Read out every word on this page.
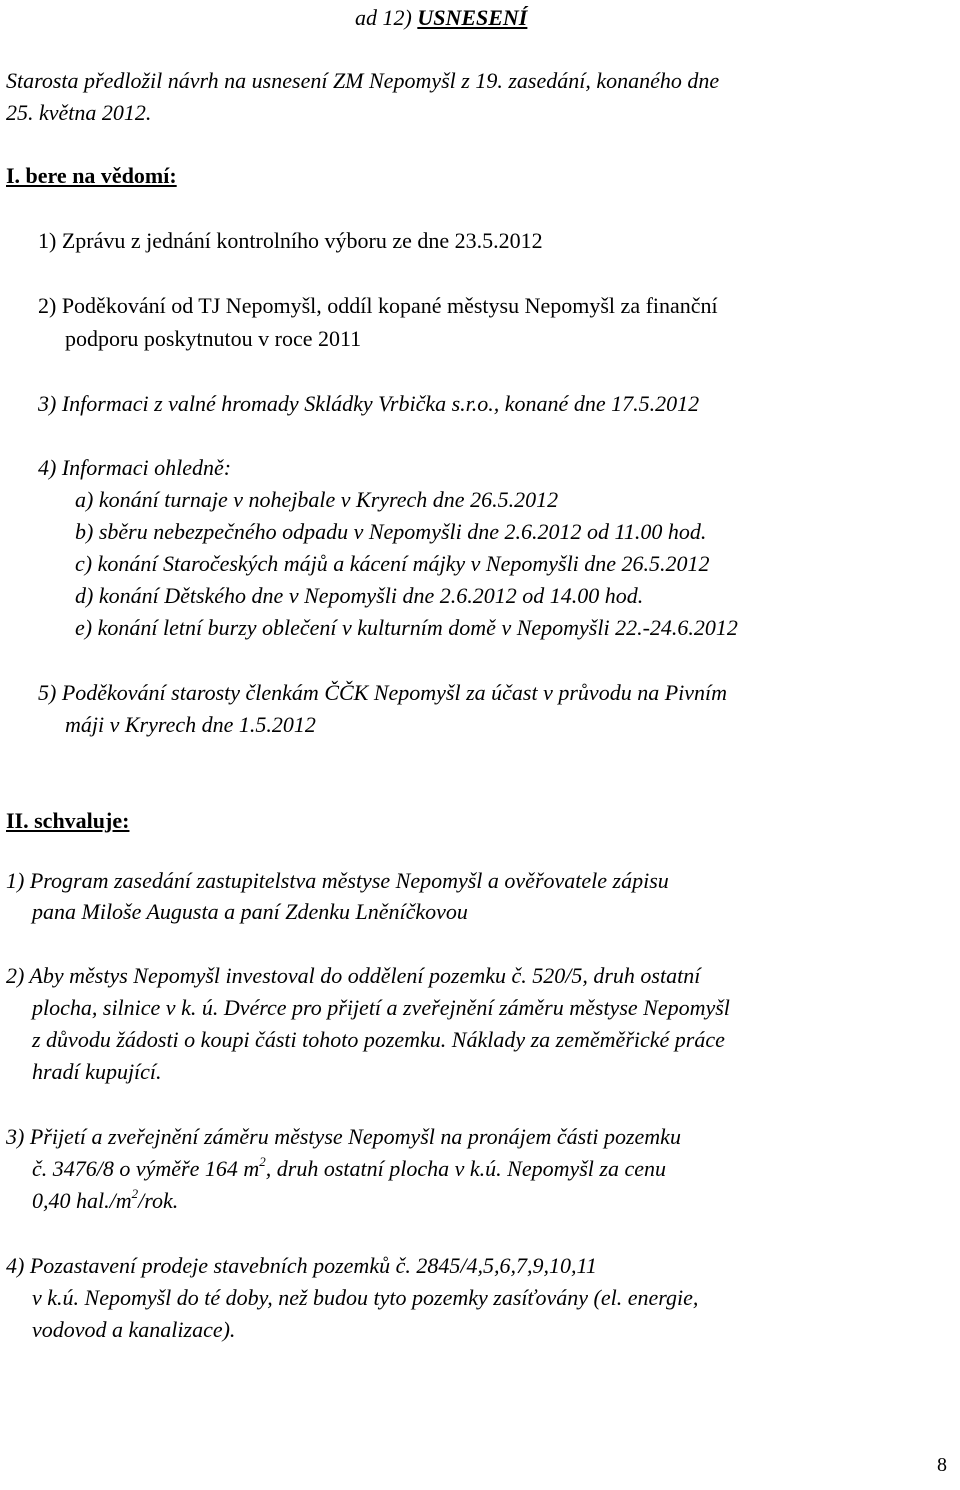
ad 12) USNESENÍ
Starosta předložil návrh na usnesení ZM Nepomyšl z 19. zasedání, konaného dne
25. května 2012.
I. bere na vědomí:
1) Zprávu z jednání kontrolního výboru ze dne 23.5.2012
2) Poděkování od TJ Nepomyšl, oddíl kopané městysu Nepomyšl za finanční
podporu poskytnutou v roce 2011
3) Informaci z valné hromady Skládky Vrbička s.r.o., konané dne 17.5.2012
4) Informaci ohledně:
a) konání turnaje v nohejbale v Kryrech dne 26.5.2012
b) sběru nebezpečného odpadu v Nepomyšli dne 2.6.2012 od 11.00 hod.
c) konání Staročeských májů a kácení májky v Nepomyšli dne 26.5.2012
d) konání Dětského dne v Nepomyšli dne 2.6.2012 od 14.00 hod.
e) konání letní burzy oblečení v kulturním domě v Nepomyšli 22.-24.6.2012
5) Poděkování starosty členkám ČČK Nepomyšl za účast v průvodu na Pivním
máji v Kryrech dne 1.5.2012
II. schvaluje:
1) Program zasedání zastupitelstva městyse Nepomyšl a ověřovatele zápisu
pana Miloše Augusta a paní Zdenku Lněníčkovou
2) Aby městys Nepomyšl investoval do oddělení pozemku č. 520/5, druh ostatní
plocha, silnice v k. ú. Dvérce pro přijetí a zveřejnění záměru městyse Nepomyšl
z důvodu žádosti o koupi části tohoto pozemku. Náklady za zeměměřické práce
hradí kupující.
3) Přijetí a zveřejnění záměru městyse Nepomyšl na pronájem části pozemku
č. 3476/8 o výměře 164 $m^2$, druh ostatní plocha v k.ú. Nepomyšl za cenu
0,40 $hal./m^2$/rok.
4) Pozastavení prodeje stavebních pozemků č. 2845/4,5,6,7,9,10,11
v k.ú. Nepomyšl do té doby, než budou tyto pozemky zasíťovány (el. energie,
vodovod a kanalizace).
8
